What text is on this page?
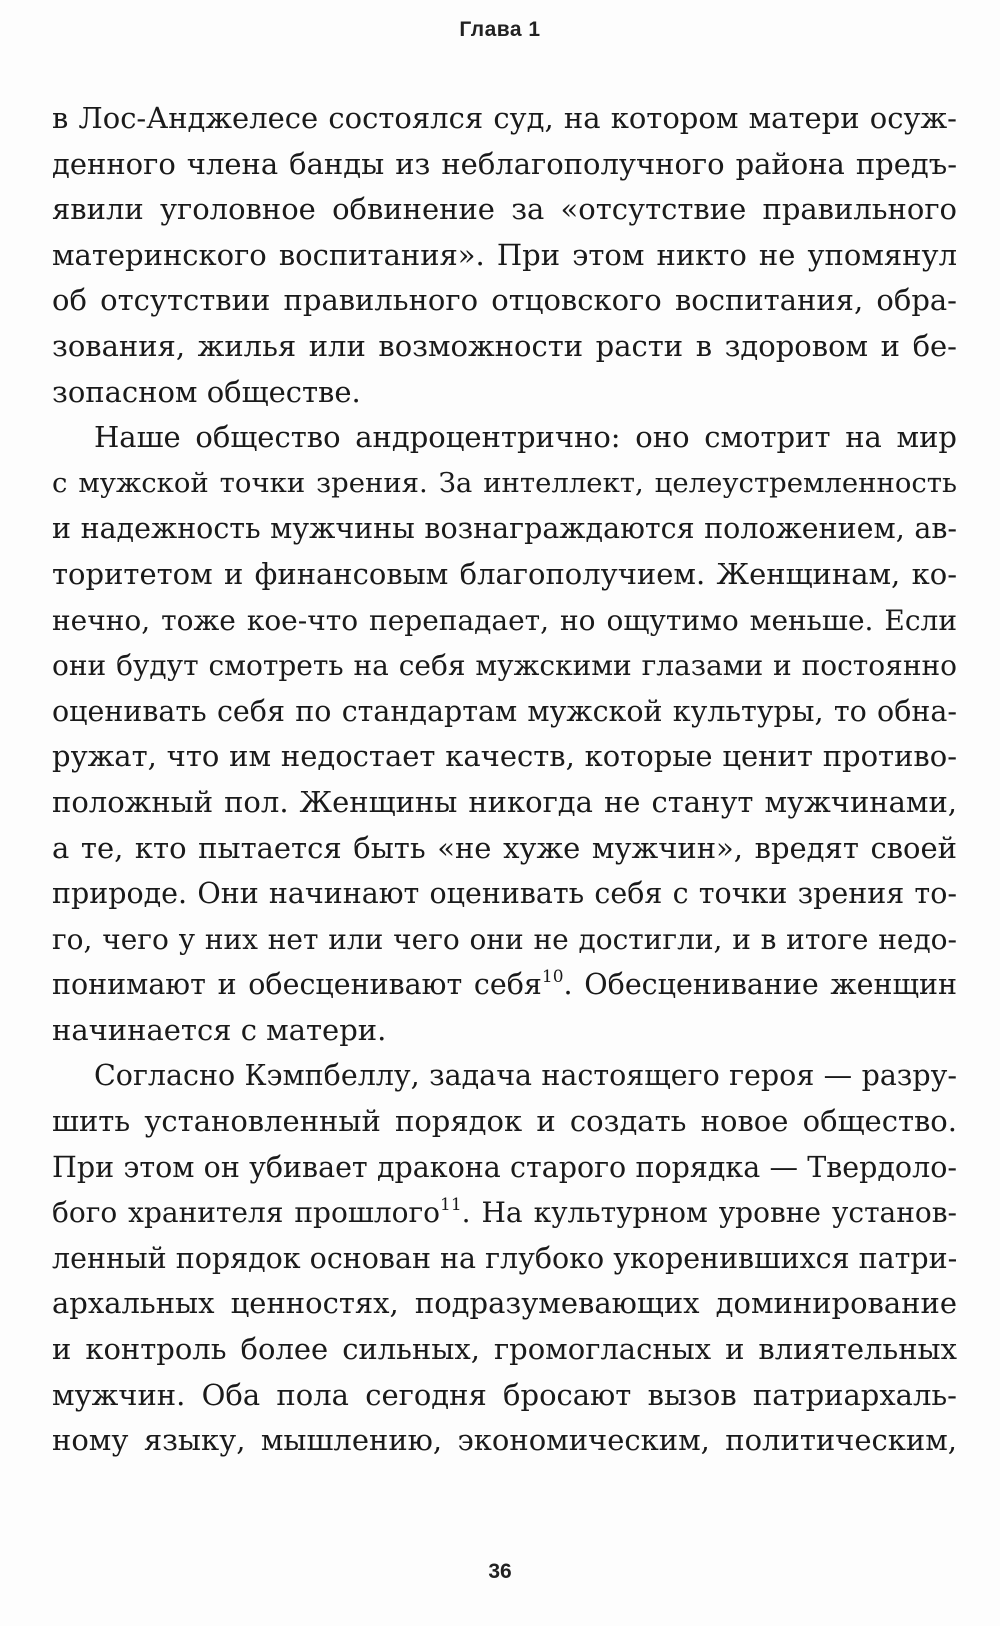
Глава 1
в Лос-Анджелесе состоялся суд, на котором матери осуж-
денного члена банды из неблагополучного района предъ-
явили уголовное обвинение за «отсутствие правильного
материнского воспитания». При этом никто не упомянул
об отсутствии правильного отцовского воспитания, обра-
зования, жилья или возможности расти в здоровом и бе-
зопасном обществе.
Наше общество андроцентрично: оно смотрит на мир
с мужской точки зрения. За интеллект, целеустремленность
и надежность мужчины вознаграждаются положением, ав-
торитетом и финансовым благополучием. Женщинам, ко-
нечно, тоже кое-что перепадает, но ощутимо меньше. Если
они будут смотреть на себя мужскими глазами и постоянно
оценивать себя по стандартам мужской культуры, то обна-
ружат, что им недостает качеств, которые ценит противо-
положный пол. Женщины никогда не станут мужчинами,
а те, кто пытается быть «не хуже мужчин», вредят своей
природе. Они начинают оценивать себя с точки зрения то-
го, чего у них нет или чего они не достигли, и в итоге недо-
понимают и обесценивают себя$^{10}$. Обесценивание женщин
начинается с матери.
Согласно Кэмпбеллу, задача настоящего героя — разру-
шить установленный порядок и создать новое общество.
При этом он убивает дракона старого порядка — Твердоло-
бого хранителя прошлого$^{11}$. На культурном уровне установ-
ленный порядок основан на глубоко укоренившихся патри-
архальных ценностях, подразумевающих доминирование
и контроль более сильных, громогласных и влиятельных
мужчин. Оба пола сегодня бросают вызов патриархаль-
ному языку, мышлению, экономическим, политическим,
36
